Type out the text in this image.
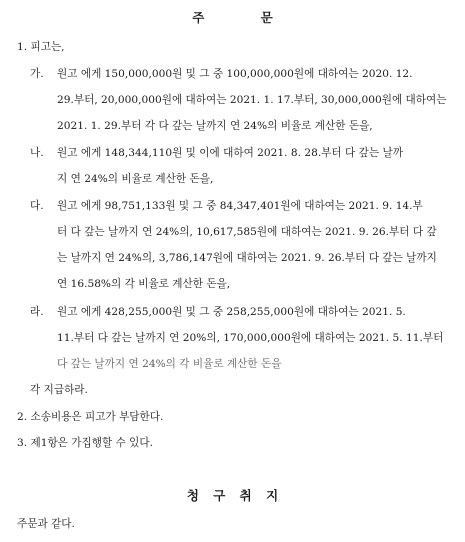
주 문
1. 피고는,
가. 원고 에게 150,000,000원 및 그 중 100,000,000원에 대하여는 2020. 12.
29.부터, 20,000,000원에 대하여는 2021. 1. 17.부터, 30,000,000원에 대하여는
2021. 1. 29.부터 각 다 갚는 날까지 연 24%의 비율로 계산한 돈을,
나. 원고 에게 148,344,110원 및 이에 대하여 2021. 8. 28.부터 다 갚는 날까
지 연 24%의 비율로 계산한 돈을,
다. 원고 에게 98,751,133원 및 그 중 84,347,401원에 대하여는 2021. 9. 14.부
터 다 갚는 날까지 연 24%의, 10,617,585원에 대하여는 2021. 9. 26.부터 다 갚
는 날까지 연 24%의, 3,786,147원에 대하여는 2021. 9. 26.부터 다 갚는 날까지
연 16.58%의 각 비율로 계산한 돈을,
라. 원고 에게 428,255,000원 및 그 중 258,255,000원에 대하여는 2021. 5.
11.부터 다 갚는 날까지 연 20%의, 170,000,000원에 대하여는 2021. 5. 11.부터
다 갚는 날까지 연 24%의 각 비율로 계산한 돈을
각 지급하라.
2. 소송비용은 피고가 부담한다.
3. 제1항은 가집행할 수 있다.
청 구 취 지
주문과 같다.
